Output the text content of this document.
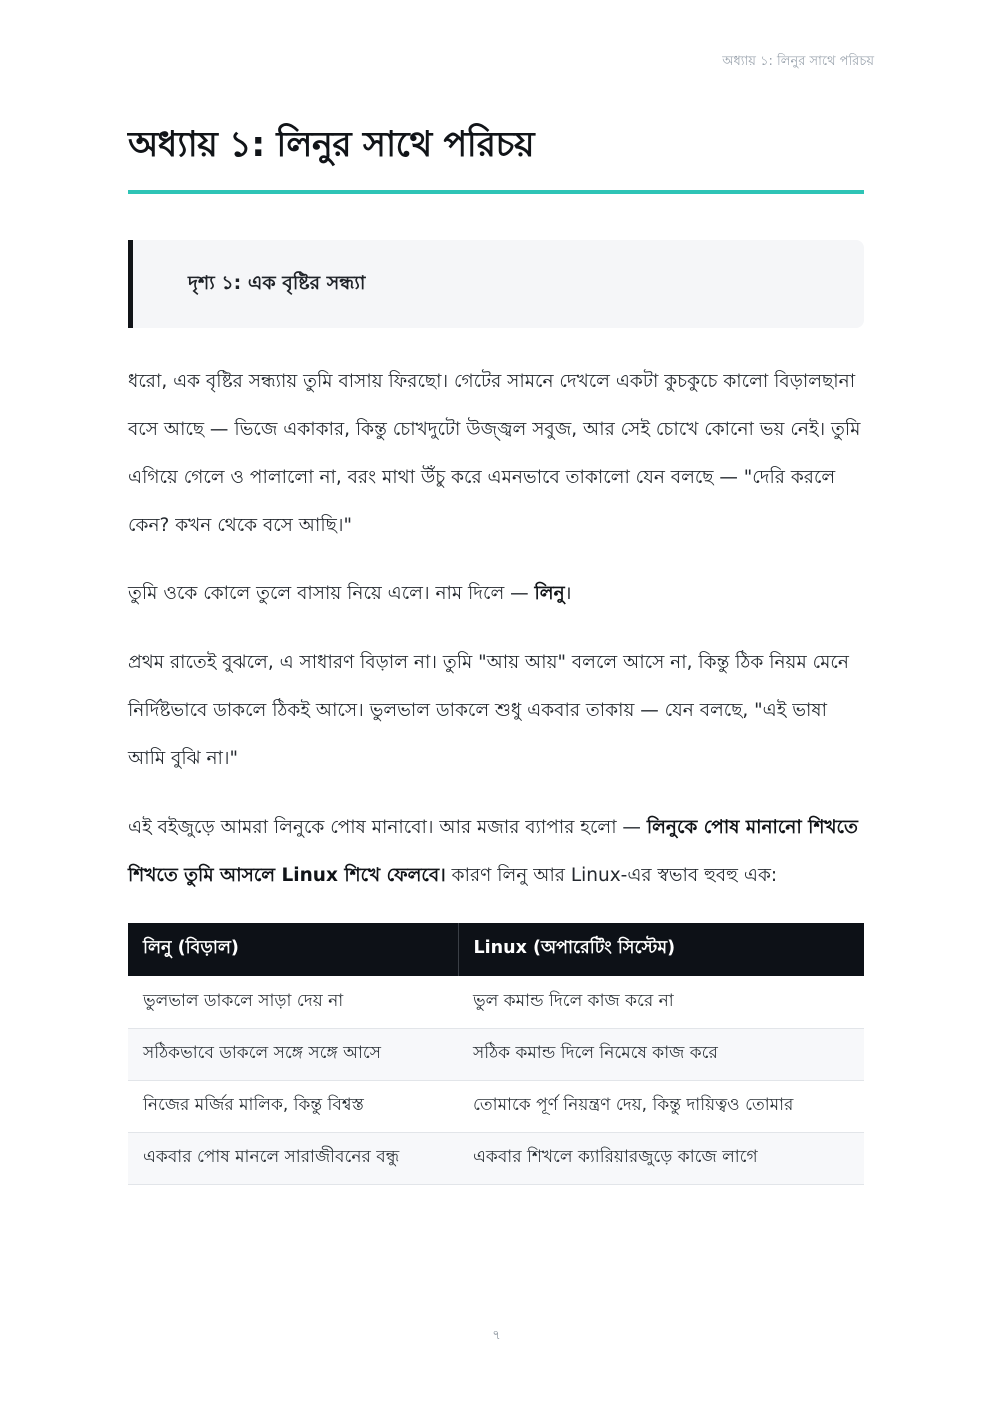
অধ্যায় ১: লিনুর সাথে পরিচয়
অধ্যায় ১: লিনুর সাথে পরিচয়
দৃশ্য ১: এক বৃষ্টির সন্ধ্যা

ধরো, এক বৃষ্টির সন্ধ্যায় তুমি বাসায় ফিরছো। গেটের সামনে দেখলে একটা কুচকুচে কালো বিড়ালছানা বসে আছে — ভিজে একাকার, কিন্তু চোখদুটো উজ্জ্বল সবুজ, আর সেই চোখে কোনো ভয় নেই। তুমি এগিয়ে গেলে ও পালালো না, বরং মাথা উঁচু করে এমনভাবে তাকালো যেন বলছে — "দেরি করলে কেন? কখন থেকে বসে আছি।"

তুমি ওকে কোলে তুলে বাসায় নিয়ে এলে। নাম দিলে — লিনু।

প্রথম রাতেই বুঝলে, এ সাধারণ বিড়াল না। তুমি "আয় আয়" বললে আসে না, কিন্তু ঠিক নিয়ম মেনে নির্দিষ্টভাবে ডাকলে ঠিকই আসে। ভুলভাল ডাকলে শুধু একবার তাকায় — যেন বলছে, "এই ভাষা আমি বুঝি না।"

এই বইজুড়ে আমরা লিনুকে পোষ মানাবো। আর মজার ব্যাপার হলো — লিনুকে পোষ মানানো শিখতে শিখতে তুমি আসলে Linux শিখে ফেলবে। কারণ লিনু আর Linux-এর স্বভাব হুবহু এক:

লিনু (বিড়াল)	Linux (অপারেটিং সিস্টেম)
ভুলভাল ডাকলে সাড়া দেয় না	ভুল কমান্ড দিলে কাজ করে না
সঠিকভাবে ডাকলে সঙ্গে সঙ্গে আসে	সঠিক কমান্ড দিলে নিমেষে কাজ করে
নিজের মর্জির মালিক, কিন্তু বিশ্বস্ত	তোমাকে পূর্ণ নিয়ন্ত্রণ দেয়, কিন্তু দায়িত্বও তোমার
একবার পোষ মানলে সারাজীবনের বন্ধু	একবার শিখলে ক্যারিয়ারজুড়ে কাজে লাগে
৭
